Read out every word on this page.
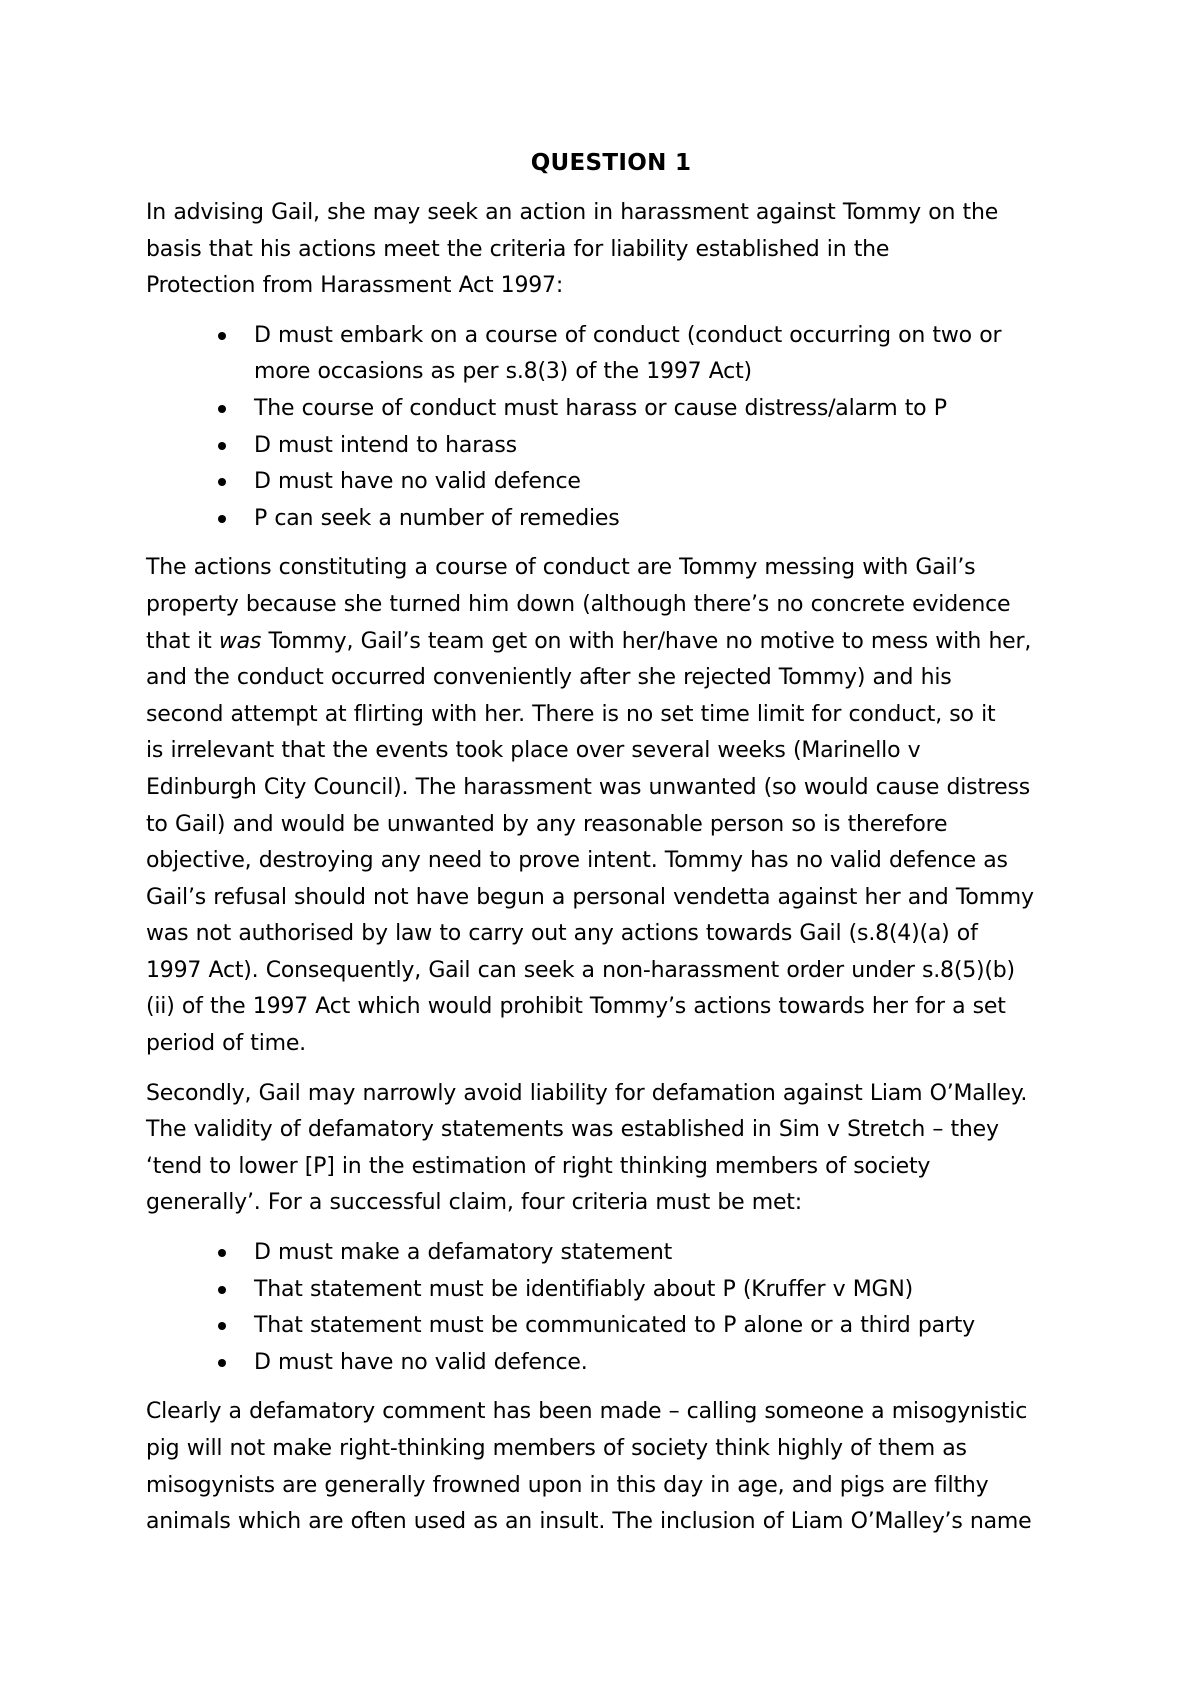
QUESTION 1

In advising Gail, she may seek an action in harassment against Tommy on the
basis that his actions meet the criteria for liability established in the
Protection from Harassment Act 1997:

D must embark on a course of conduct (conduct occurring on two or
more occasions as per s.8(3) of the 1997 Act)
The course of conduct must harass or cause distress/alarm to P
D must intend to harass
D must have no valid defence
P can seek a number of remedies

The actions constituting a course of conduct are Tommy messing with Gail’s
property because she turned him down (although there’s no concrete evidence
that it was Tommy, Gail’s team get on with her/have no motive to mess with her,
and the conduct occurred conveniently after she rejected Tommy) and his
second attempt at flirting with her. There is no set time limit for conduct, so it
is irrelevant that the events took place over several weeks (Marinello v
Edinburgh City Council). The harassment was unwanted (so would cause distress
to Gail) and would be unwanted by any reasonable person so is therefore
objective, destroying any need to prove intent. Tommy has no valid defence as
Gail’s refusal should not have begun a personal vendetta against her and Tommy
was not authorised by law to carry out any actions towards Gail (s.8(4)(a) of
1997 Act). Consequently, Gail can seek a non-harassment order under s.8(5)(b)
(ii) of the 1997 Act which would prohibit Tommy’s actions towards her for a set
period of time.

Secondly, Gail may narrowly avoid liability for defamation against Liam O’Malley.
The validity of defamatory statements was established in Sim v Stretch – they
‘tend to lower [P] in the estimation of right thinking members of society
generally’. For a successful claim, four criteria must be met:

D must make a defamatory statement
That statement must be identifiably about P (Kruffer v MGN)
That statement must be communicated to P alone or a third party
D must have no valid defence.

Clearly a defamatory comment has been made – calling someone a misogynistic
pig will not make right-thinking members of society think highly of them as
misogynists are generally frowned upon in this day in age, and pigs are filthy
animals which are often used as an insult. The inclusion of Liam O’Malley’s name
